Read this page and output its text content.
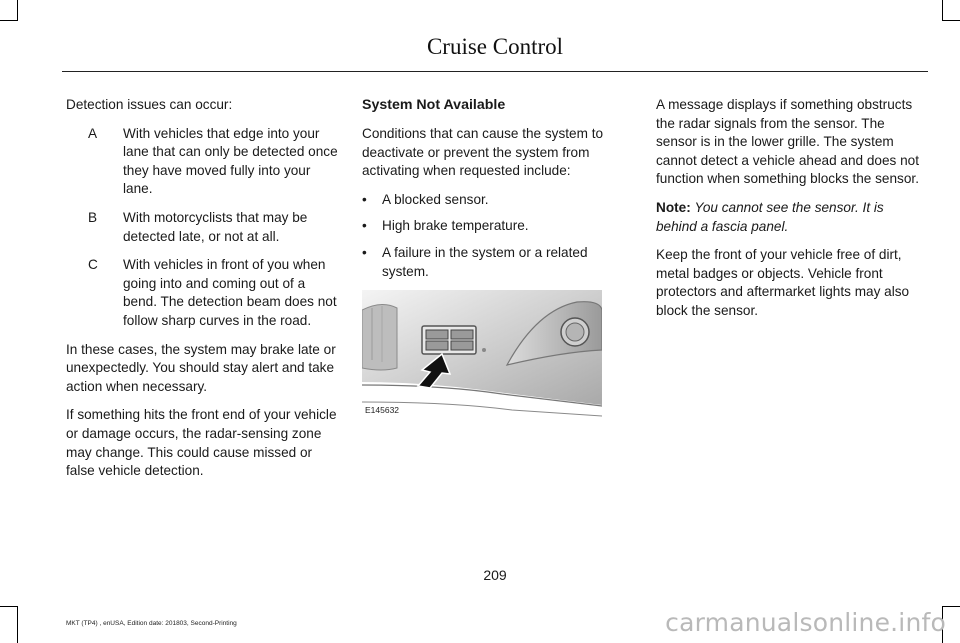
Cruise Control

Detection issues can occur:

A	With vehicles that edge into your lane that can only be detected once they have moved fully into your lane.
B	With motorcyclists that may be detected late, or not at all.
C	With vehicles in front of you when going into and coming out of a bend. The detection beam does not follow sharp curves in the road.

In these cases, the system may brake late or unexpectedly. You should stay alert and take action when necessary.

If something hits the front end of your vehicle or damage occurs, the radar-sensing zone may change. This could cause missed or false vehicle detection.

System Not Available

Conditions that can cause the system to deactivate or prevent the system from activating when requested include:

•	A blocked sensor.
•	High brake temperature.
•	A failure in the system or a related system.
E145632

A message displays if something obstructs the radar signals from the sensor. The sensor is in the lower grille. The system cannot detect a vehicle ahead and does not function when something blocks the sensor.

Note: You cannot see the sensor. It is behind a fascia panel.

Keep the front of your vehicle free of dirt, metal badges or objects. Vehicle front protectors and aftermarket lights may also block the sensor.

209
MKT (TP4) , enUSA, Edition date: 201803, Second-Printing	carmanualsonline.info
